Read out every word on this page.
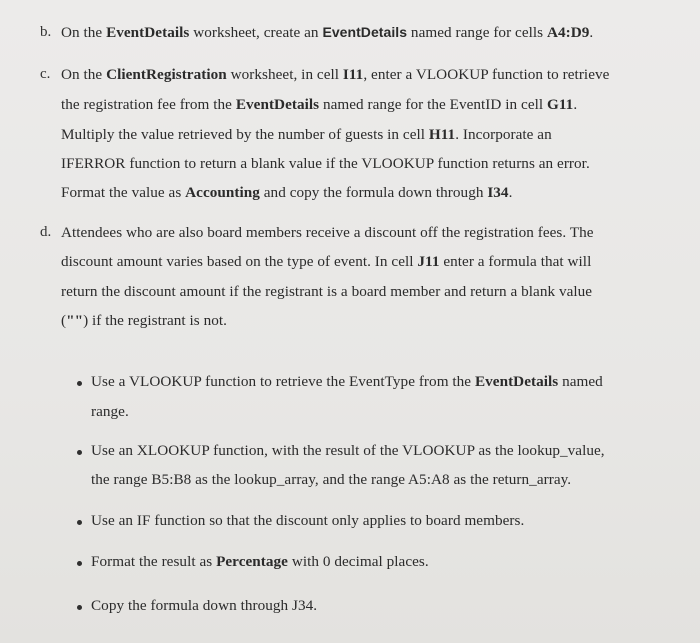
b. On the EventDetails worksheet, create an EventDetails named range for cells A4:D9.
c. On the ClientRegistration worksheet, in cell I11, enter a VLOOKUP function to retrieve
the registration fee from the EventDetails named range for the EventID in cell G11.
Multiply the value retrieved by the number of guests in cell H11. Incorporate an
IFERROR function to return a blank value if the VLOOKUP function returns an error.
Format the value as Accounting and copy the formula down through I34.
d. Attendees who are also board members receive a discount off the registration fees. The
discount amount varies based on the type of event. In cell J11 enter a formula that will
return the discount amount if the registrant is a board member and return a blank value
("") if the registrant is not.
Use a VLOOKUP function to retrieve the EventType from the EventDetails named
range.
Use an XLOOKUP function, with the result of the VLOOKUP as the lookup_value,
the range B5:B8 as the lookup_array, and the range A5:A8 as the return_array.
Use an IF function so that the discount only applies to board members.
Format the result as Percentage with 0 decimal places.
Copy the formula down through J34.
